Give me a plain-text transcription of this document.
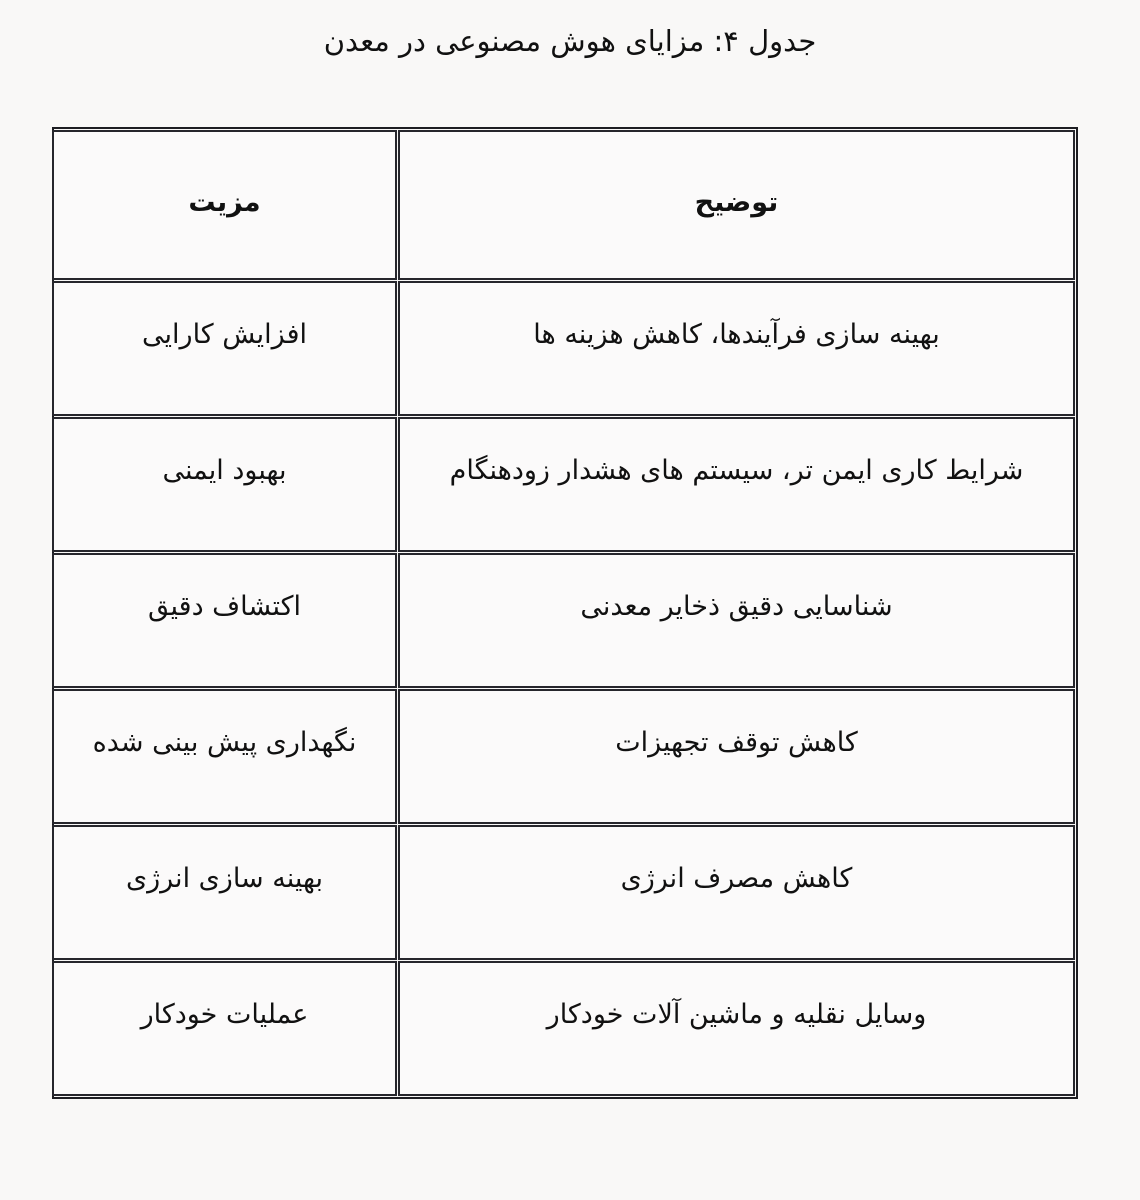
جدول ۴: مزایای هوش مصنوعی در معدن
توضیح	مزیت

بهینه سازی فرآیندها، کاهش هزینه ها	افزایش کارایی

شرایط کاری ایمن تر، سیستم های هشدار زودهنگام	بهبود ایمنی

شناسایی دقیق ذخایر معدنی	اکتشاف دقیق

کاهش توقف تجهیزات	نگهداری پیش بینی شده

کاهش مصرف انرژی	بهینه سازی انرژی

وسایل نقلیه و ماشین آلات خودکار	عملیات خودکار
